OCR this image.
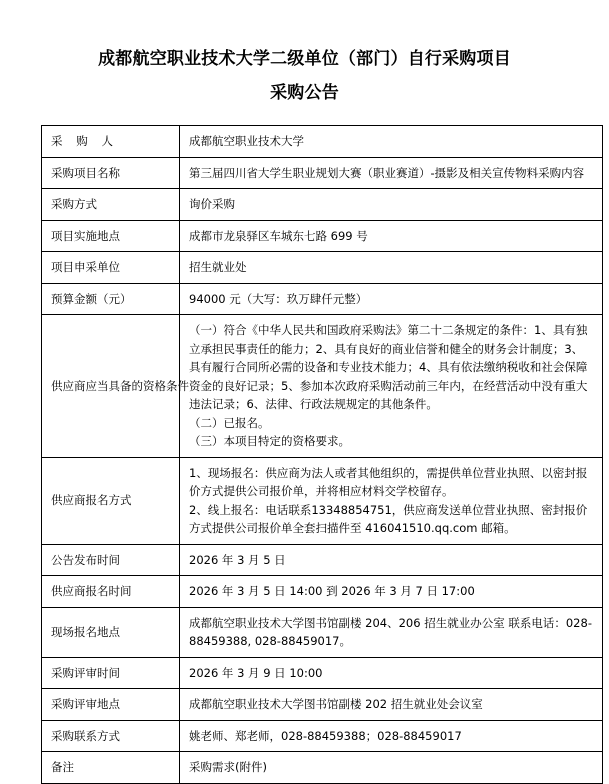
成都航空职业技术大学二级单位（部门）自行采购项目
采购公告
采购人	成都航空职业技术大学

采购项目名称	第三届四川省大学生职业规划大赛（职业赛道）-摄影及相关宣传物料采购内容

采购方式	询价采购

项目实施地点	成都市龙泉驿区车城东七路 699 号

项目申采单位	招生就业处

预算金额（元）	94000 元（大写：玖万肆仟元整）

供应商应当具备的资格条件	（一）符合《中华人民共和国政府采购法》第二十二条规定的条件：1、具有独立承担民事责任的能力；2、具有良好的商业信誉和健全的财务会计制度；3、具有履行合同所必需的设备和专业技术能力；4、具有依法缴纳税收和社会保障资金的良好记录；5、参加本次政府采购活动前三年内，在经营活动中没有重大违法记录；6、法律、行政法规规定的其他条件。

（二）已报名。

（三）本项目特定的资格要求。

供应商报名方式	1、现场报名：供应商为法人或者其他组织的，需提供单位营业执照、以密封报价方式提供公司报价单，并将相应材料交学校留存。

2、线上报名：电话联系13348854751，供应商发送单位营业执照、密封报价方式提供公司报价单全套扫描件至 416041510.qq.com 邮箱。

公告发布时间	2026 年 3 月 5 日

供应商报名时间	2026 年 3 月 5 日 14:00 到 2026 年 3 月 7 日 17:00

现场报名地点	成都航空职业技术大学图书馆副楼 204、206 招生就业办公室 联系电话：028-88459388, 028-88459017。

采购评审时间	2026 年 3 月 9 日 10:00

采购评审地点	成都航空职业技术大学图书馆副楼 202 招生就业处会议室

采购联系方式	姚老师、郑老师，028-88459388；028-88459017

备注	采购需求(附件)
